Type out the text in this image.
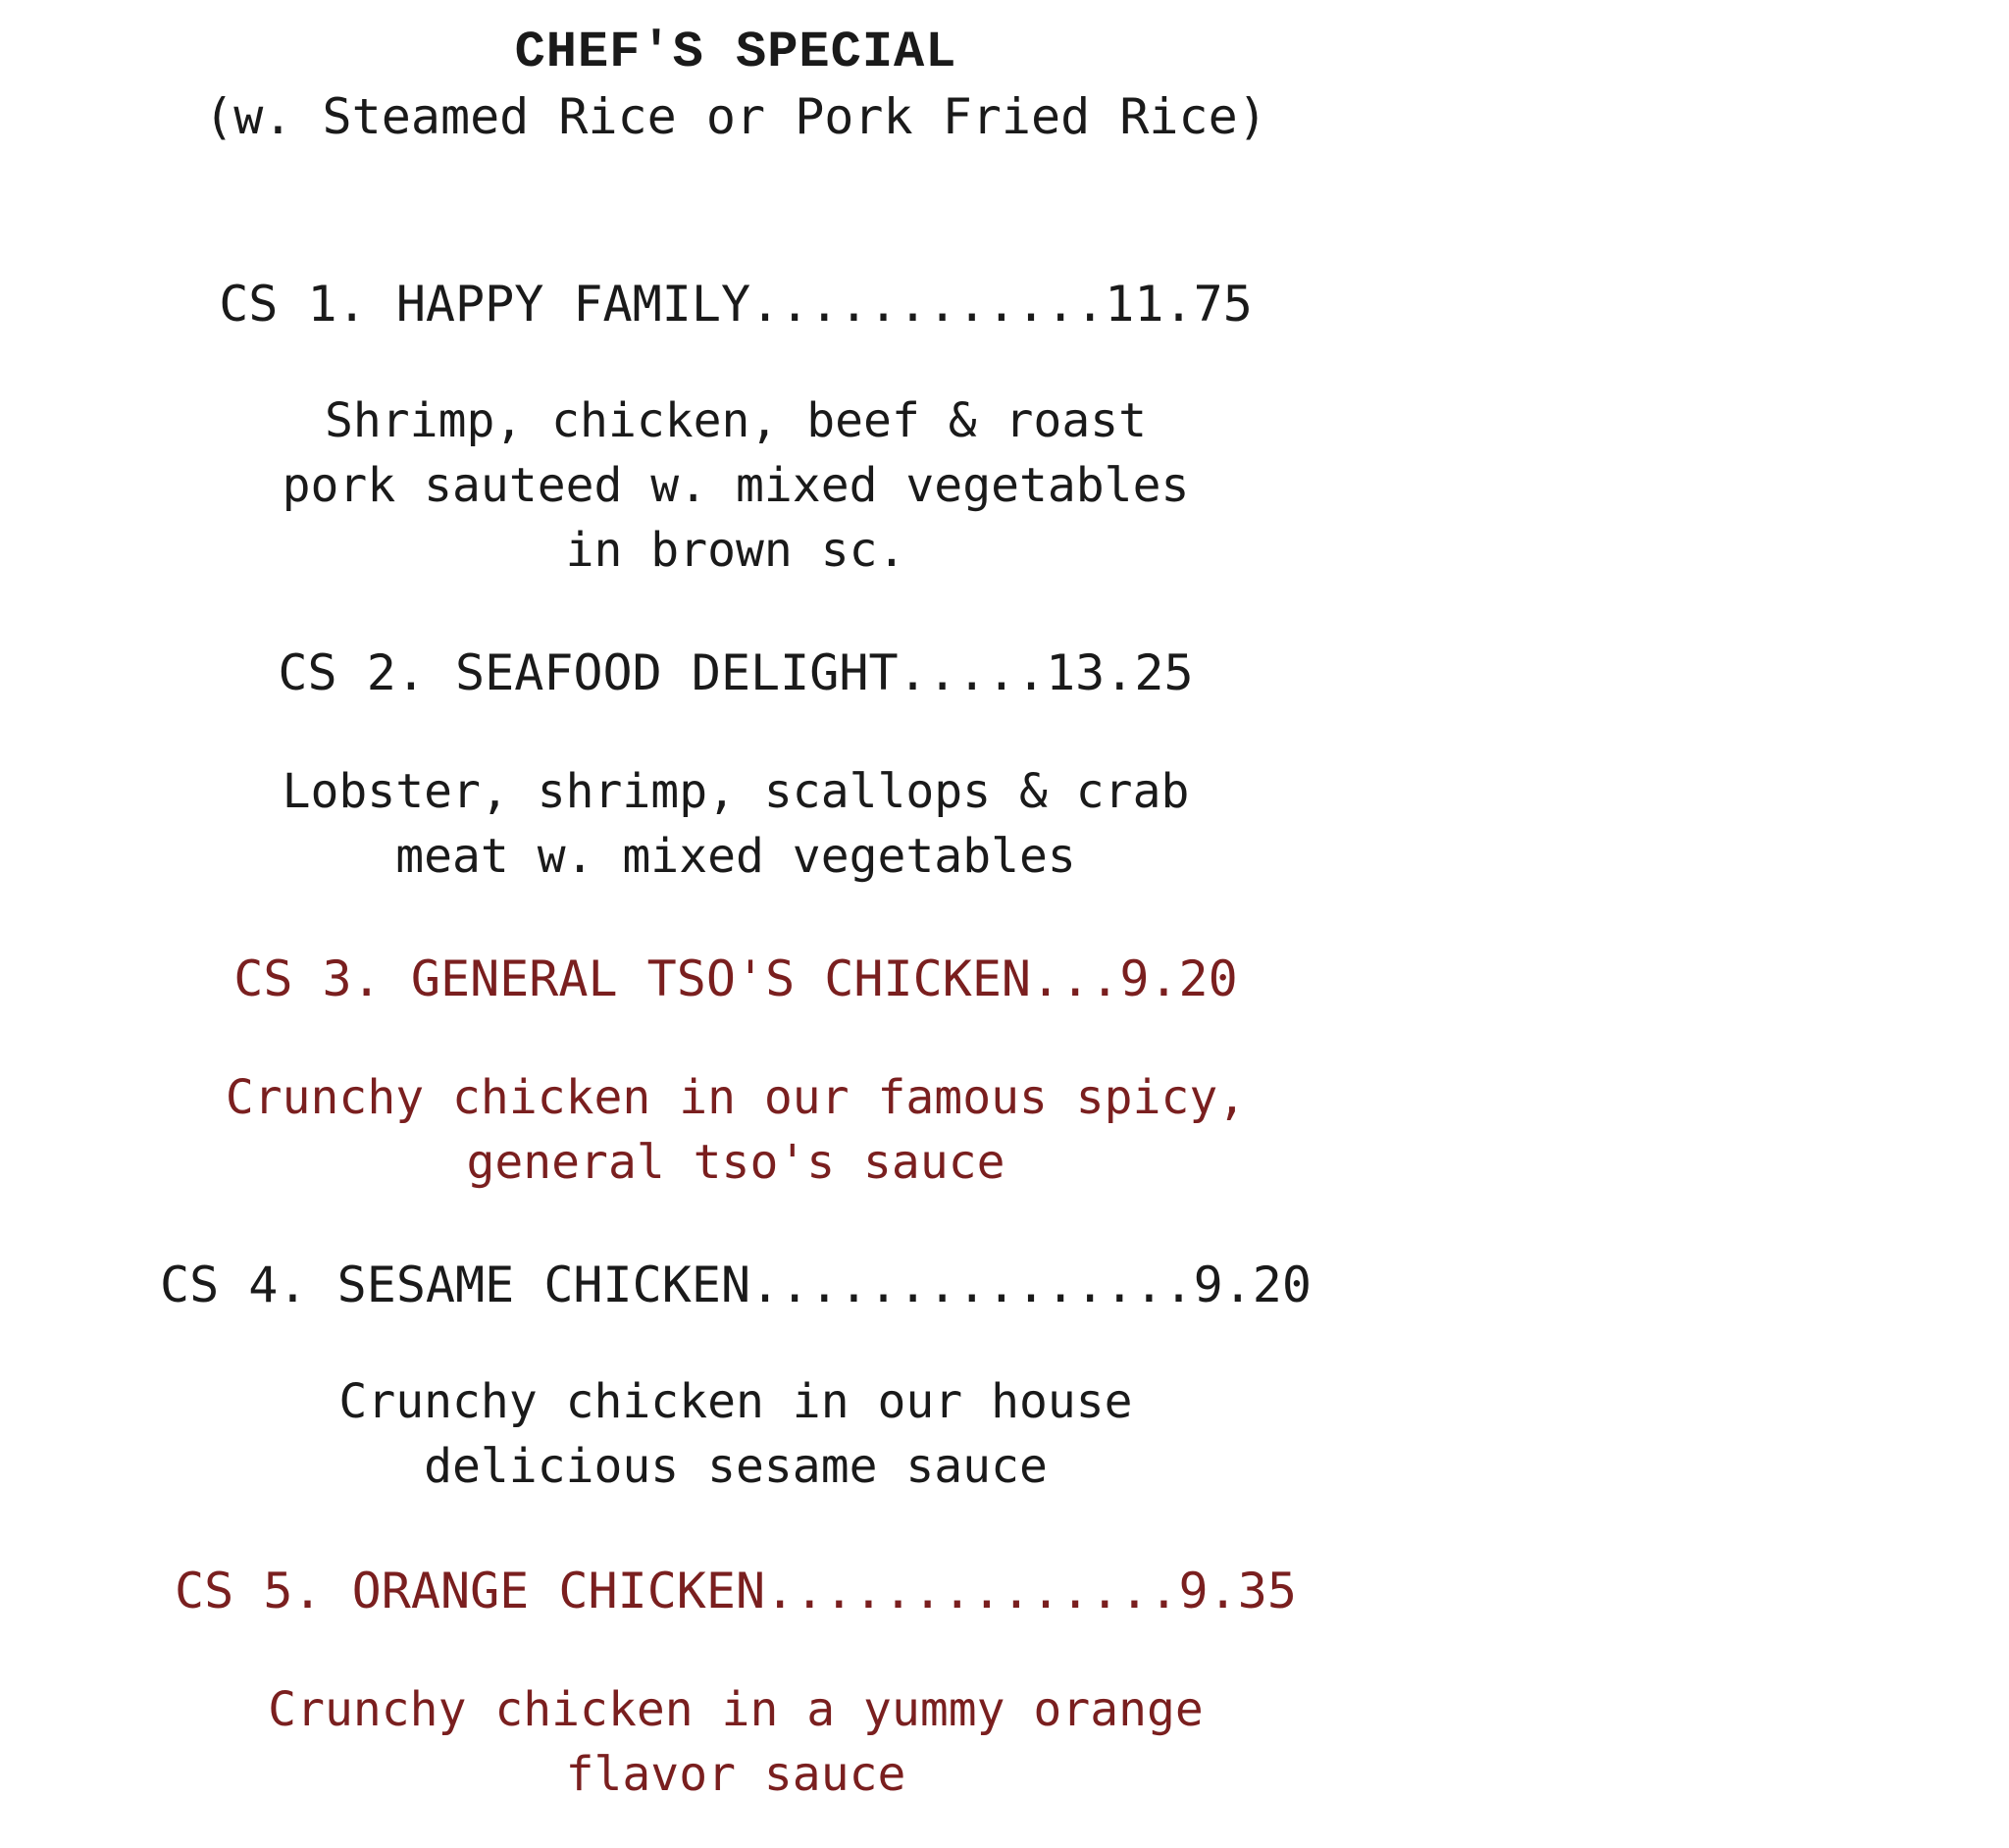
CHEF'S SPECIAL

(w. Steamed Rice or Pork Fried Rice)

CS 1. HAPPY FAMILY............11.75

Shrimp, chicken, beef & roast
pork sauteed w. mixed vegetables
in brown sc.

CS 2. SEAFOOD DELIGHT.....13.25

Lobster, shrimp, scallops & crab
meat w. mixed vegetables

CS 3. GENERAL TSO'S CHICKEN...9.20

Crunchy chicken in our famous spicy,
general tso's sauce

CS 4. SESAME CHICKEN...............9.20

Crunchy chicken in our house
delicious sesame sauce

CS 5. ORANGE CHICKEN..............9.35

Crunchy chicken in a yummy orange
flavor sauce
